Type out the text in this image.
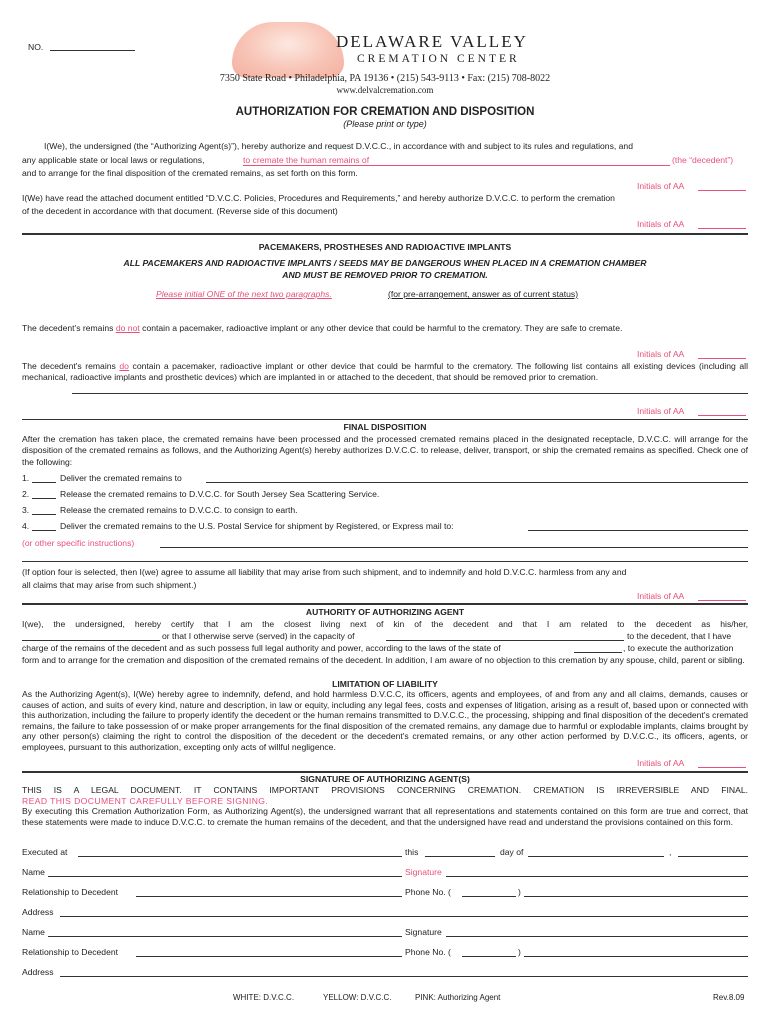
NO.	DELAWARE VALLEY
CREMATION CENTER
7350 State Road • Philadelphia, PA 19136 • (215) 543-9113 • Fax: (215) 708-8022
www.delvalcremation.com
AUTHORIZATION FOR CREMATION AND DISPOSITION
(Please print or type)
I(We), the undersigned (the “Authorizing Agent(s)”), hereby authorize and request D.V.C.C., in accordance with and subject to its rules and regulations, and
any applicable state or local laws or regulations,	to cremate the human remains of	(the “decedent”)
and to arrange for the final disposition of the cremated remains, as set forth on this form.
Initials of AA
I(We) have read the attached document entitled “D.V.C.C. Policies, Procedures and Requirements,” and hereby authorize D.V.C.C. to perform the cremation
of the decedent in accordance with that document. (Reverse side of this document)
Initials of AA
PACEMAKERS, PROSTHESES AND RADIOACTIVE IMPLANTS
ALL PACEMAKERS AND RADIOACTIVE IMPLANTS / SEEDS MAY BE DANGEROUS WHEN PLACED IN A CREMATION CHAMBER
AND MUST BE REMOVED PRIOR TO CREMATION.
Please initial ONE of the next two paragraphs.	(for pre-arrangement, answer as of current status)
The decedent's remains do not contain a pacemaker, radioactive implant or any other device that could be harmful to the crematory. They are safe to cremate.
Initials of AA
The decedent's remains do contain a pacemaker, radioactive implant or other device that could be harmful to the crematory. The following list contains all existing devices (including all mechanical, radioactive implants and prosthetic devices) which are implanted in or attached to the decedent, that should be removed prior to cremation.
Initials of AA
FINAL DISPOSITION
After the cremation has taken place, the cremated remains have been processed and the processed cremated remains placed in the designated receptacle, D.V.C.C. will arrange for the disposition of the cremated remains as follows, and the Authorizing Agent(s) hereby authorizes D.V.C.C. to release, deliver, transport, or ship the cremated remains as specified. Check one of the following:
1.	Deliver the cremated remains to
2.	Release the cremated remains to D.V.C.C. for South Jersey Sea Scattering Service.
3.	Release the cremated remains to D.V.C.C. to consign to earth.
4.	Deliver the cremated remains to the U.S. Postal Service for shipment by Registered, or Express mail to:
(or other specific instructions)
(If option four is selected, then I(we) agree to assume all liability that may arise from such shipment, and to indemnify and hold D.V.C.C. harmless from any and
all claims that may arise from such shipment.)
Initials of AA
AUTHORITY OF AUTHORIZING AGENT
I(we), the undersigned, hereby certify that I am the closest living next of kin of the decedent and that I am related to the decedent as his/her,
or that I otherwise serve (served) in the capacity of	to the decedent, that I have
charge of the remains of the decedent and as such possess full legal authority and power, according to the laws of the state of	, to execute the authorization
form and to arrange for the cremation and disposition of the cremated remains of the decedent. In addition, I am aware of no objection to this cremation by any spouse, child, parent or sibling.
LIMITATION OF LIABILITY
As the Authorizing Agent(s), I(We) hereby agree to indemnify, defend, and hold harmless D.V.C.C, its officers, agents and employees, of and from any and all claims, demands, causes or causes of action, and suits of every kind, nature and description, in law or equity, including any legal fees, costs and expenses of litigation, arising as a result of, based upon or connected with this authorization, including the failure to properly identify the decedent or the human remains transmitted to D.V.C.C., the processing, shipping and final disposition of the decedent's cremated remains, the failure to take possession of or make proper arrangements for the final disposition of the cremated remains, any damage due to harmful or explodable implants, claims brought by any other person(s) claiming the right to control the disposition of the decedent or the decedent's cremated remains, or any other action performed by D.V.C.C., its officers, agents, or employees, pursuant to this authorization, excepting only acts of willful negligence.
Initials of AA
SIGNATURE OF AUTHORIZING AGENT(S)
THIS IS A LEGAL DOCUMENT. IT CONTAINS IMPORTANT PROVISIONS CONCERNING CREMATION. CREMATION IS IRREVERSIBLE AND FINAL.
READ THIS DOCUMENT CAREFULLY BEFORE SIGNING.
By executing this Cremation Authorization Form, as Authorizing Agent(s), the undersigned warrant that all representations and statements contained on this form are true and correct, that these statements were made to induce D.V.C.C. to cremate the human remains of the decedent, and that the undersigned have read and understand the provisions contained on this form.
Executed at	this	day of	,
Name	Signature
Relationship to Decedent	Phone No. (	)
Address
Name	Signature
Relationship to Decedent	Phone No. (	)
Address
WHITE: D.V.C.C.	YELLOW: D.V.C.C.	PINK: Authorizing Agent	Rev.8.09
